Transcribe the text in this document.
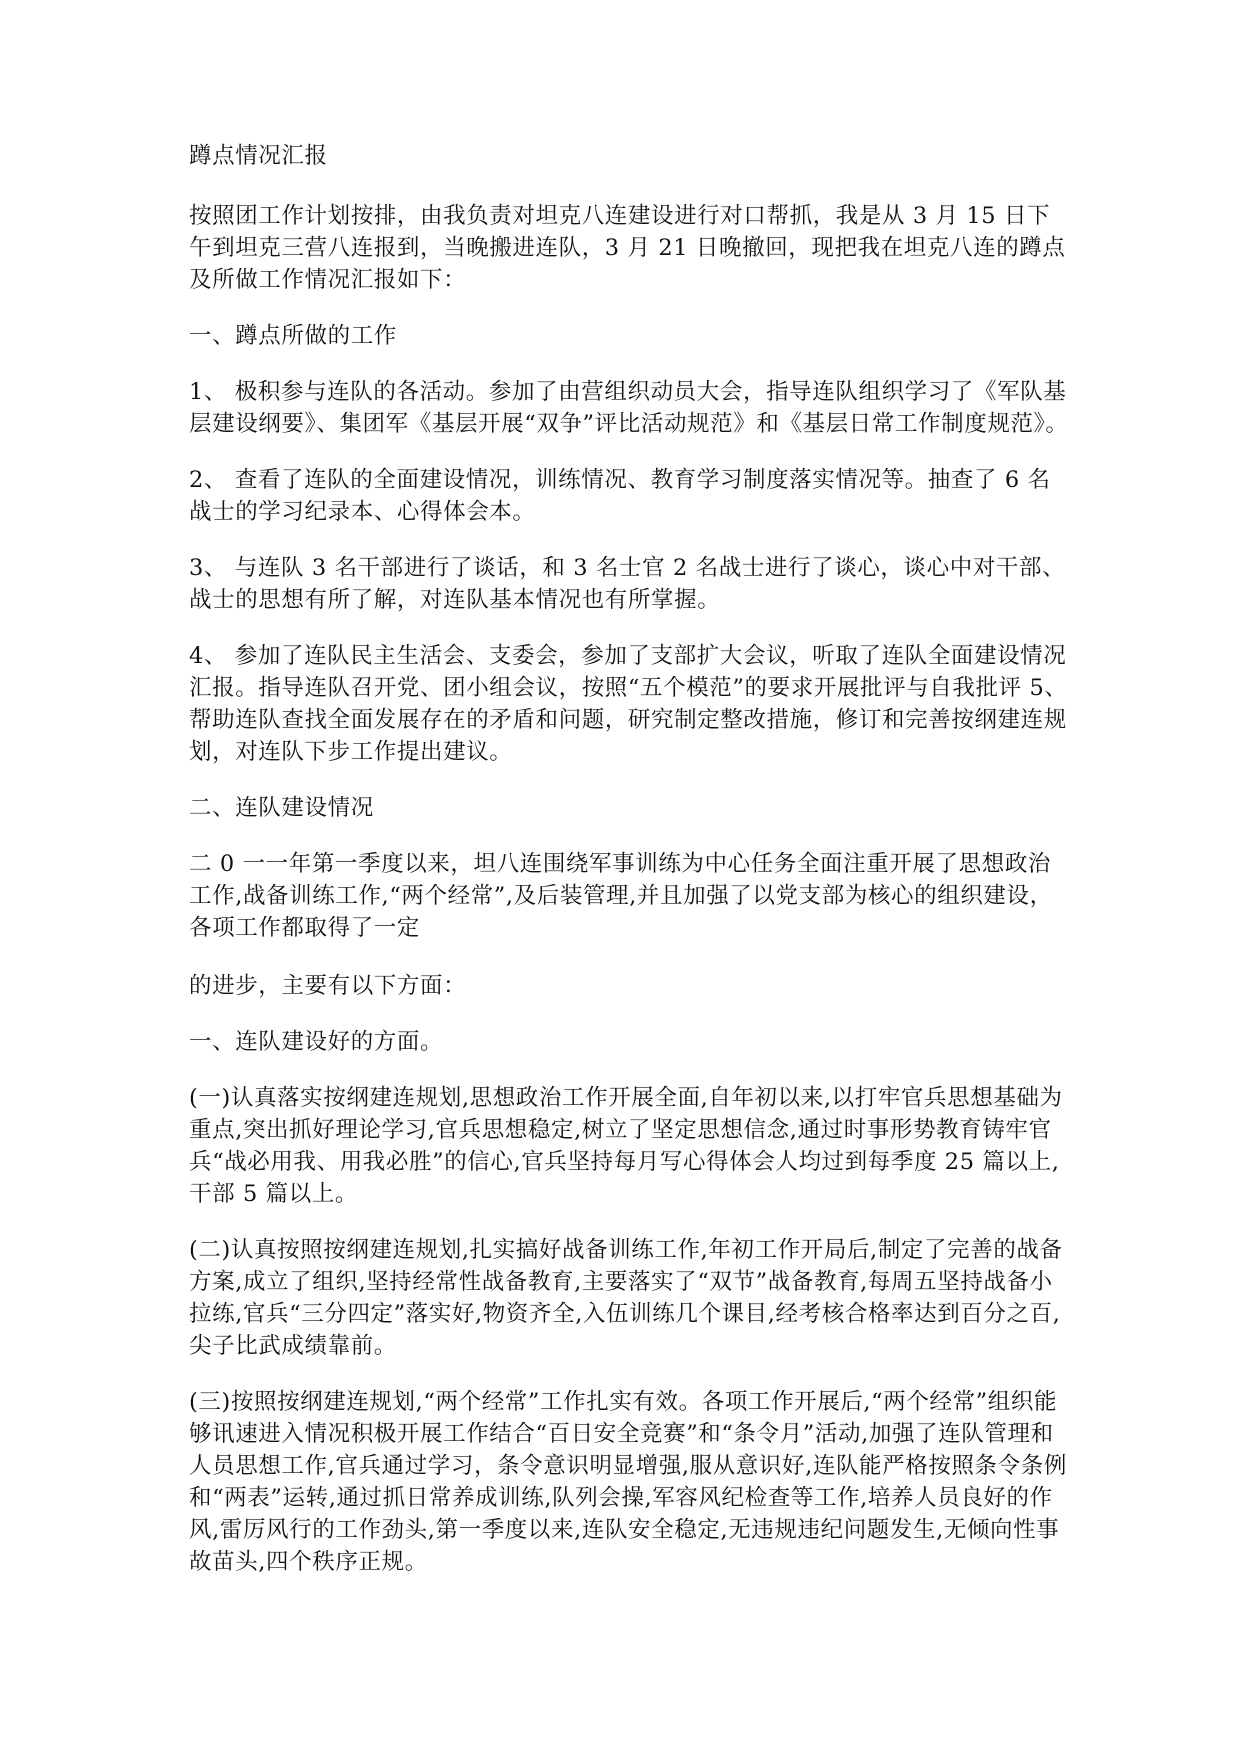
蹲点情况汇报

按照团工作计划按排，由我负责对坦克八连建设进行对口帮抓，我是从 3 月 15 日下午到坦克三营八连报到，当晚搬进连队，3 月 21 日晚撤回，现把我在坦克八连的蹲点及所做工作情况汇报如下：

一、蹲点所做的工作

1、 极积参与连队的各活动。参加了由营组织动员大会，指导连队组织学习了《军队基层建设纲要》、集团军《基层开展“双争”评比活动规范》和《基层日常工作制度规范》。

2、 查看了连队的全面建设情况，训练情况、教育学习制度落实情况等。抽查了 6 名战士的学习纪录本、心得体会本。

3、 与连队 3 名干部进行了谈话，和 3 名士官 2 名战士进行了谈心，谈心中对干部、战士的思想有所了解，对连队基本情况也有所掌握。

4、 参加了连队民主生活会、支委会，参加了支部扩大会议，听取了连队全面建设情况汇报。指导连队召开党、团小组会议，按照“五个模范”的要求开展批评与自我批评 5、 帮助连队查找全面发展存在的矛盾和问题，研究制定整改措施，修订和完善按纲建连规划，对连队下步工作提出建议。

二、连队建设情况

二 0 一一年第一季度以来，坦八连围绕军事训练为中心任务全面注重开展了思想政治工作,战备训练工作,“两个经常”,及后装管理,并且加强了以党支部为核心的组织建设，各项工作都取得了一定

的进步，主要有以下方面：

一、连队建设好的方面。

(一)认真落实按纲建连规划,思想政治工作开展全面,自年初以来,以打牢官兵思想基础为重点,突出抓好理论学习,官兵思想稳定,树立了坚定思想信念,通过时事形势教育铸牢官兵“战必用我、用我必胜”的信心,官兵坚持每月写心得体会人均过到每季度 25 篇以上,干部 5 篇以上。

(二)认真按照按纲建连规划,扎实搞好战备训练工作,年初工作开局后,制定了完善的战备方案,成立了组织,坚持经常性战备教育,主要落实了“双节”战备教育,每周五坚持战备小拉练,官兵“三分四定”落实好,物资齐全,入伍训练几个课目,经考核合格率达到百分之百,尖子比武成绩靠前。

(三)按照按纲建连规划,“两个经常”工作扎实有效。各项工作开展后,“两个经常”组织能够讯速进入情况积极开展工作结合“百日安全竞赛”和“条令月”活动,加强了连队管理和人员思想工作,官兵通过学习，条令意识明显增强,服从意识好,连队能严格按照条令条例和“两表”运转,通过抓日常养成训练,队列会操,军容风纪检查等工作,培养人员良好的作风,雷厉风行的工作劲头,第一季度以来,连队安全稳定,无违规违纪问题发生,无倾向性事故苗头,四个秩序正规。
